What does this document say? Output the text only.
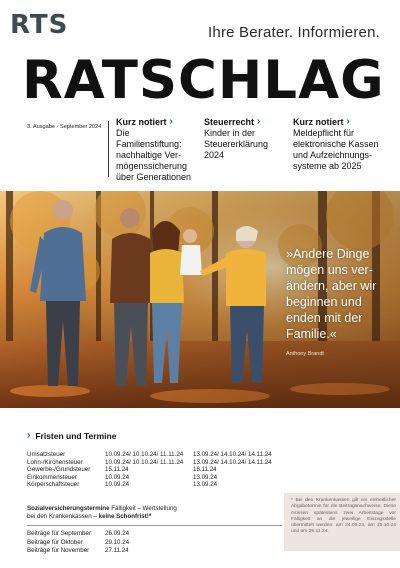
RTS	Ihre Berater. Informieren.
RATSCHLAG
3. Ausgabe · September 2024 Kurz notiert ›
Die Familienstiftung: nachhaltige Vermögenssicherung über Generationen
Steuerrecht ›
Kinder in der Steuererklärung 2024
Kurz notiert ›
Meldepflicht für elektronische Kassen und Aufzeichnungssysteme ab 2025
»Andere Dinge mögen uns verändern, aber wir beginnen und enden mit der Familie.«
Anthony Brandt
› Fristen und Termine
Umsatzsteuer	10.09.24/ 10.10.24/ 11.11.24	13.09.24/ 14.10.24/ 14.11.24
Lohn-/Kirchensteuer	10.09.24/ 10.10.24/ 11.11.24	13.09.24/ 14.10.24/ 14.11.24
Gewerbe-/Grundsteuer	15.11.24	18.11.24
Einkommensteuer	10.09.24	13.09.24
Körperschaftsteuer	10.09.24	13.09.24
Sozialversicherungstermine Fälligkeit – Wertstellung
bei den Krankenkassen – keine Schonfrist!*
Beiträge für September	26.09.24
Beiträge für Oktober	29.10.24
Beiträge für November	27.11.24
* Bei den Krankenkassen gilt ein einheitlicher Abgabetermin für die Beitragsnachweise. Diese müssen spätestens zwei Arbeitstage vor Fälligkeit an die jeweilige Einzugsstelle übermittelt werden: am 24.09.24, am 25.10.24 und am 25.11.24.
